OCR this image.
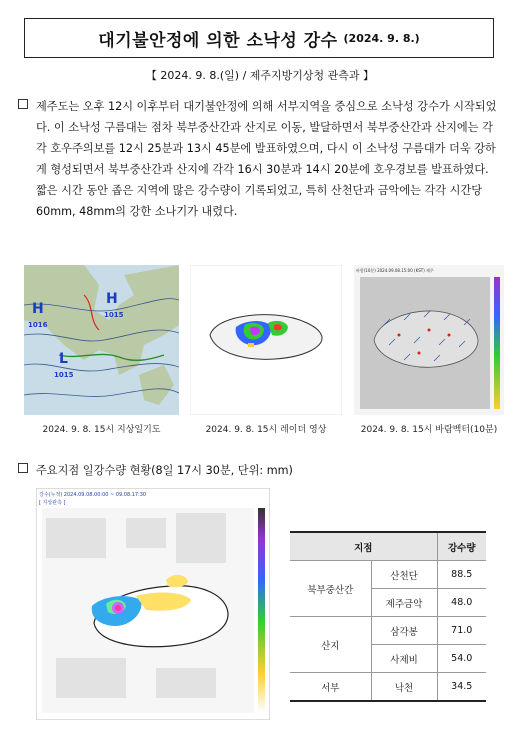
대기불안정에 의한 소낙성 강수 (2024. 9. 8.)
【 2024. 9. 8.(일) / 제주지방기상청 관측과 】

제주도는 오후 12시 이후부터 대기불안정에 의해 서부지역을 중심으로 소낙성 강수가 시작되었다. 이 소낙성 구름대는 점차 북부중산간과 산지로 이동, 발달하면서 북부중산간과 산지에는 각각 호우주의보를 12시 25분과 13시 45분에 발표하였으며, 다시 이 소낙성 구름대가 더욱 강하게 형성되면서 북부중산간과 산지에 각각 16시 30분과 14시 20분에 호우경보를 발표하였다. 짧은 시간 동안 좁은 지역에 많은 강수량이 기록되었고, 특히 산천단과 금악에는 각각 시간당 60mm, 48mm의 강한 소나기가 내렸다.

H
H
L
1016
1015
1015
바람(10분) 2024.09.08.15:00 (KST) 제주
2024. 9. 8. 15시 지상일기도	2024. 9. 8. 15시 레이더 영상	2024. 9. 8. 15시 바람벡터(10분)
주요지점 일강수량 현황(8일 17시 30분, 단위: mm)
강수(누적) 2024.09.08.00:00 ~ 09.08.17:30
[ 지상관측 ]
지점		강수량
북부중산간	산천단	88.5
	제주금악	48.0
산지	삼각봉	71.0
	사제비	54.0
서부	낙천	34.5
